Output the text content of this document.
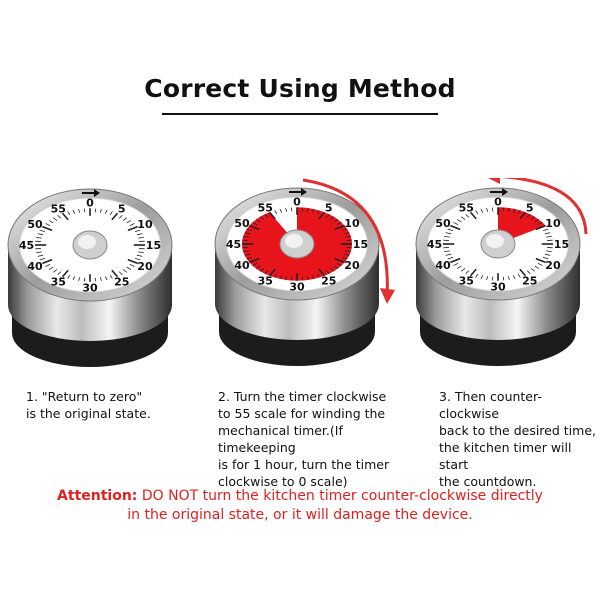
Correct Using Method
0 5
10
15
20
25
30
35
40
45
50
55
0 5
10
15
20
25
30
35
40
45
50
55	0 5
10
15
20
25
30
35
40
45
50
55
1. "Return to zero"
is the original state.
2. Turn the timer clockwise
to 55 scale for winding the
mechanical timer.(If timekeeping
is for 1 hour, turn the timer
clockwise to 0 scale)
3. Then counter-clockwise
back to the desired time,
the kitchen timer will start
the countdown.
Attention: DO NOT turn the kitchen timer counter-clockwise directly
in the original state, or it will damage the device.
